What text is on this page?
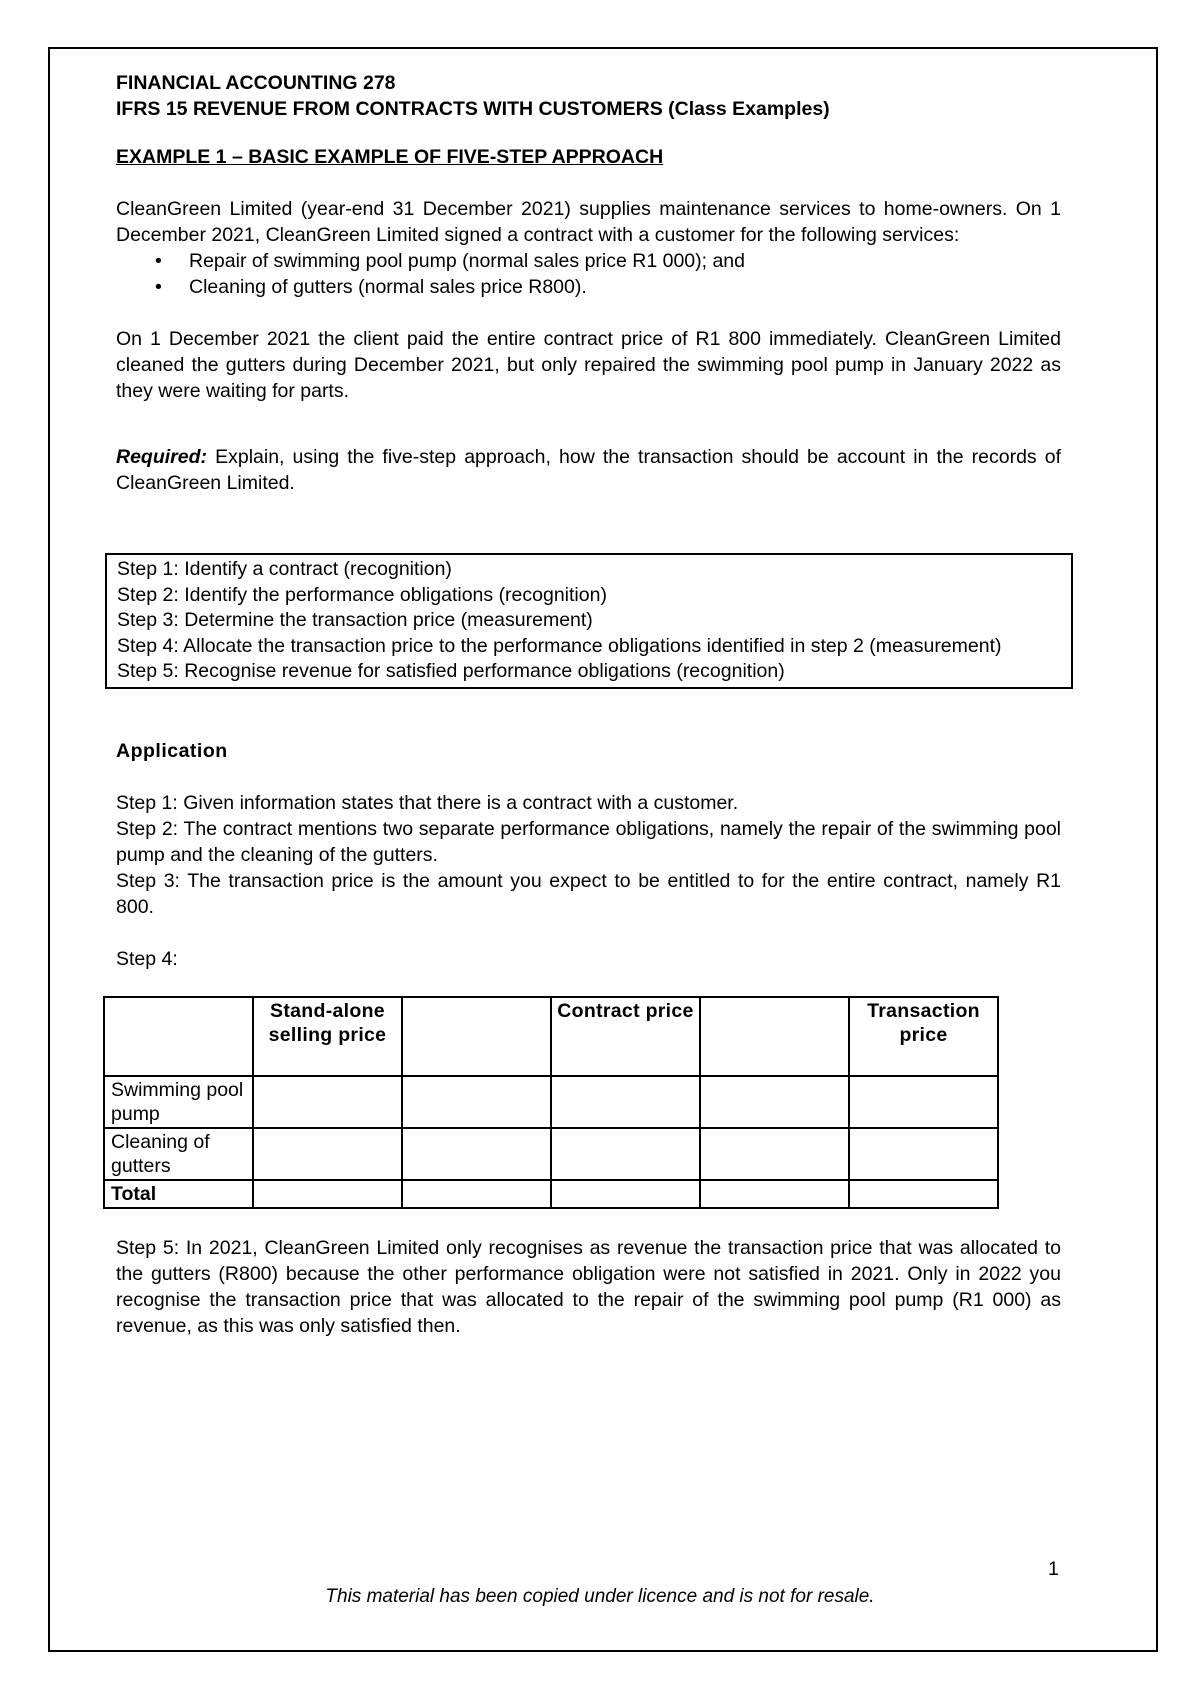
FINANCIAL ACCOUNTING 278

IFRS 15 REVENUE FROM CONTRACTS WITH CUSTOMERS (Class Examples)

EXAMPLE 1 – BASIC EXAMPLE OF FIVE-STEP APPROACH

CleanGreen Limited (year-end 31 December 2021) supplies maintenance services to home-owners. On 1 December 2021, CleanGreen Limited signed a contract with a customer for the following services:

• Repair of swimming pool pump (normal sales price R1 000); and
• Cleaning of gutters (normal sales price R800).

On 1 December 2021 the client paid the entire contract price of R1 800 immediately. CleanGreen Limited cleaned the gutters during December 2021, but only repaired the swimming pool pump in January 2022 as they were waiting for parts.

Required: Explain, using the five-step approach, how the transaction should be account in the records of CleanGreen Limited.

Step 1: Identify a contract (recognition)
Step 2: Identify the performance obligations (recognition)
Step 3: Determine the transaction price (measurement)
Step 4: Allocate the transaction price to the performance obligations identified in step 2 (measurement)
Step 5: Recognise revenue for satisfied performance obligations (recognition)

Application

Step 1: Given information states that there is a contract with a customer.

Step 2: The contract mentions two separate performance obligations, namely the repair of the swimming pool pump and the cleaning of the gutters.

Step 3: The transaction price is the amount you expect to be entitled to for the entire contract, namely R1 800.

Step 4:

	Stand-alone selling price		Contract price		Transaction price
Swimming pool pump					
Cleaning of gutters					
Total					
Step 5: In 2021, CleanGreen Limited only recognises as revenue the transaction price that was allocated to the gutters (R800) because the other performance obligation were not satisfied in 2021. Only in 2022 you recognise the transaction price that was allocated to the repair of the swimming pool pump (R1 000) as revenue, as this was only satisfied then.
1
This material has been copied under licence and is not for resale.
